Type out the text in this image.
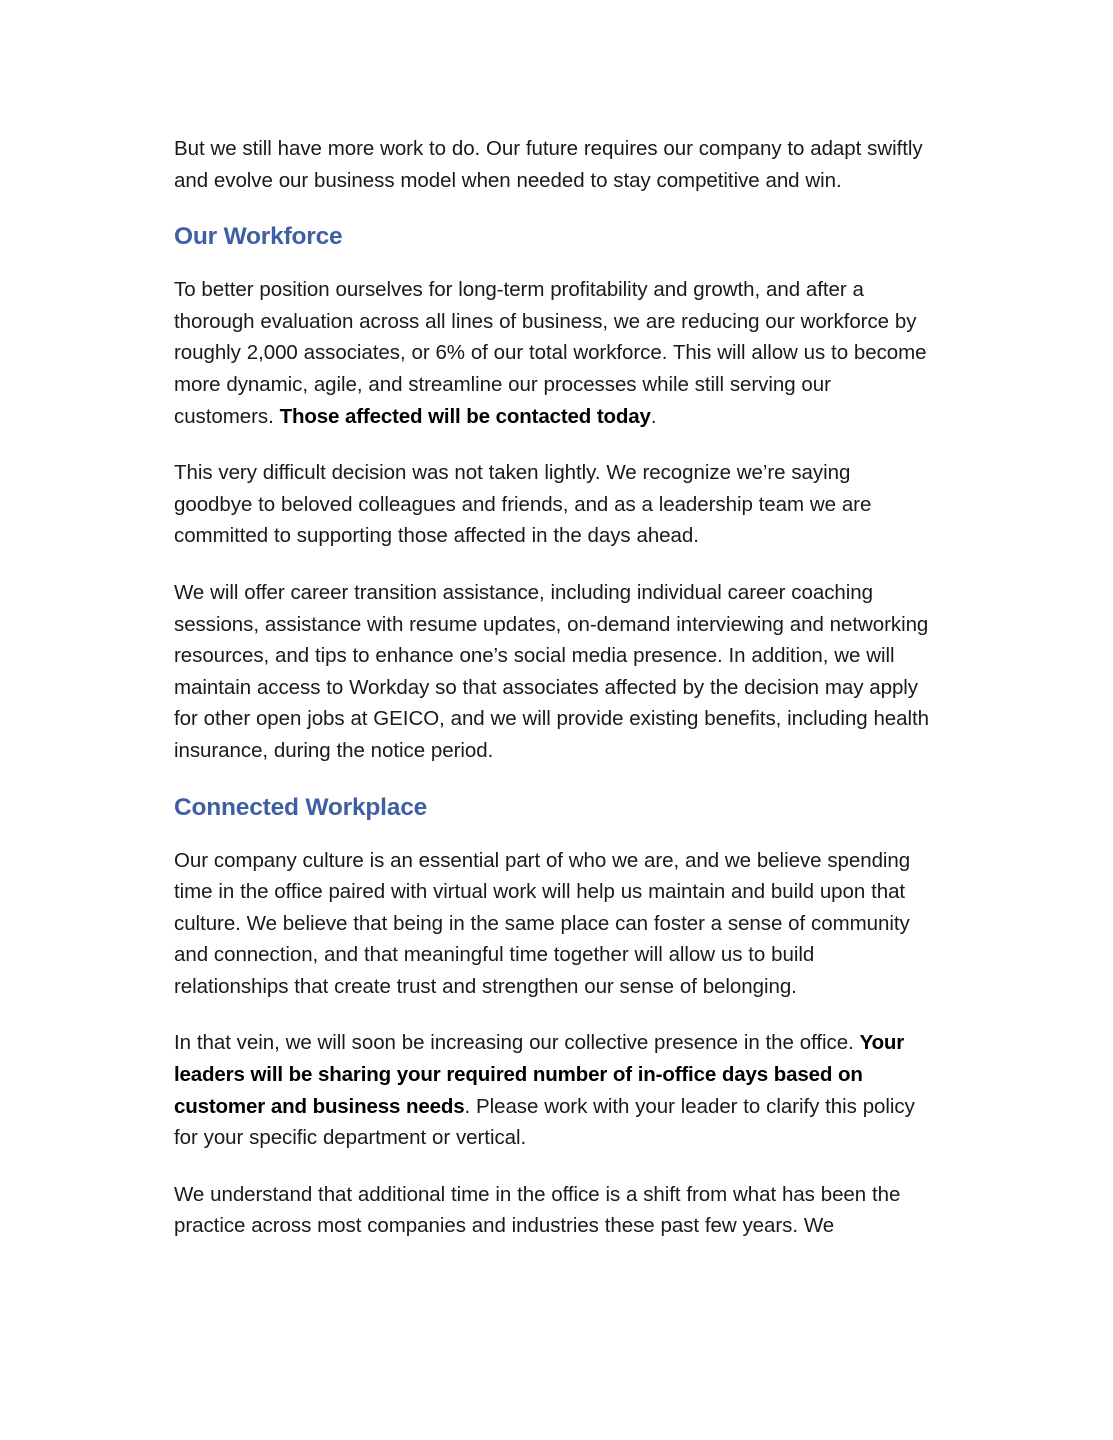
But we still have more work to do. Our future requires our company to adapt swiftly and evolve our business model when needed to stay competitive and win.

Our Workforce

To better position ourselves for long-term profitability and growth, and after a thorough evaluation across all lines of business, we are reducing our workforce by roughly 2,000 associates, or 6% of our total workforce. This will allow us to become more dynamic, agile, and streamline our processes while still serving our customers. Those affected will be contacted today.

This very difficult decision was not taken lightly. We recognize we’re saying goodbye to beloved colleagues and friends, and as a leadership team we are committed to supporting those affected in the days ahead.

We will offer career transition assistance, including individual career coaching sessions, assistance with resume updates, on-demand interviewing and networking resources, and tips to enhance one’s social media presence. In addition, we will maintain access to Workday so that associates affected by the decision may apply for other open jobs at GEICO, and we will provide existing benefits, including health insurance, during the notice period.

Connected Workplace

Our company culture is an essential part of who we are, and we believe spending time in the office paired with virtual work will help us maintain and build upon that culture. We believe that being in the same place can foster a sense of community and connection, and that meaningful time together will allow us to build relationships that create trust and strengthen our sense of belonging.

In that vein, we will soon be increasing our collective presence in the office. Your leaders will be sharing your required number of in-office days based on customer and business needs. Please work with your leader to clarify this policy for your specific department or vertical.

We understand that additional time in the office is a shift from what has been the practice across most companies and industries these past few years. We
